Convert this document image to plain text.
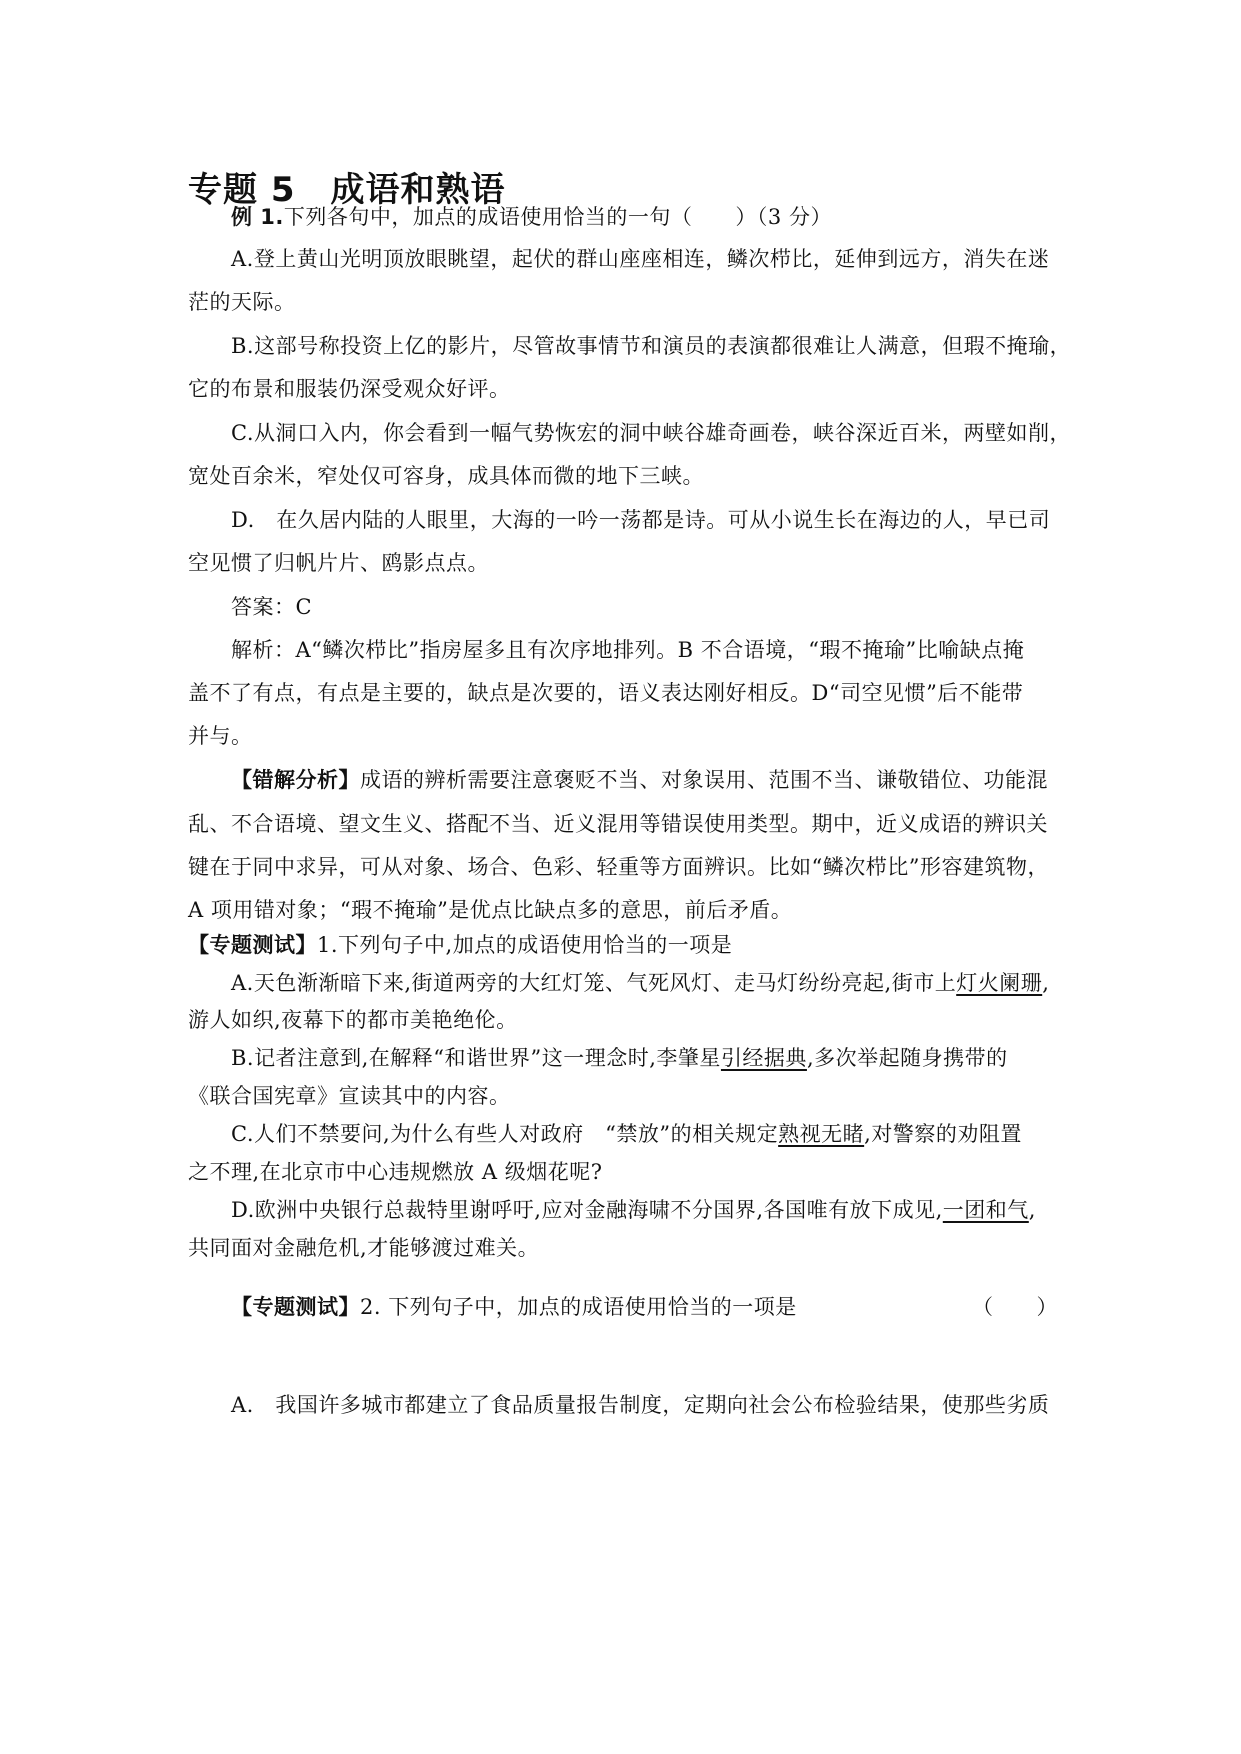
专题 5　成语和熟语
例 1.下列各句中，加点的成语使用恰当的一句（　　）（3 分）
A.登上黄山光明顶放眼眺望，起伏的群山座座相连，鳞次栉比，延伸到远方，消失在迷
茫的天际。
B.这部号称投资上亿的影片，尽管故事情节和演员的表演都很难让人满意，但瑕不掩瑜，
它的布景和服装仍深受观众好评。
C.从洞口入内，你会看到一幅气势恢宏的洞中峡谷雄奇画卷，峡谷深近百米，两壁如削，
宽处百余米，窄处仅可容身，成具体而微的地下三峡。
D.　在久居内陆的人眼里，大海的一吟一荡都是诗。可从小说生长在海边的人，早已司
空见惯了归帆片片、鸥影点点。
答案：C
解析：A“鳞次栉比”指房屋多且有次序地排列。B 不合语境，“瑕不掩瑜”比喻缺点掩
盖不了有点，有点是主要的，缺点是次要的，语义表达刚好相反。D“司空见惯”后不能带
并与。
【错解分析】成语的辨析需要注意褒贬不当、对象误用、范围不当、谦敬错位、功能混
乱、不合语境、望文生义、搭配不当、近义混用等错误使用类型。期中，近义成语的辨识关
键在于同中求异，可从对象、场合、色彩、轻重等方面辨识。比如“鳞次栉比”形容建筑物，
A 项用错对象；“瑕不掩瑜”是优点比缺点多的意思，前后矛盾。
【专题测试】1.下列句子中,加点的成语使用恰当的一项是
A.天色渐渐暗下来,街道两旁的大红灯笼、气死风灯、走马灯纷纷亮起,街市上灯火阑珊,
游人如织,夜幕下的都市美艳绝伦。
B.记者注意到,在解释“和谐世界”这一理念时,李肇星引经据典,多次举起随身携带的
《联合国宪章》宣读其中的内容。
C.人们不禁要问,为什么有些人对政府　“禁放”的相关规定熟视无睹,对警察的劝阻置
之不理,在北京市中心违规燃放 A 级烟花呢?
D.欧洲中央银行总裁特里谢呼吁,应对金融海啸不分国界,各国唯有放下成见,一团和气,
共同面对金融危机,才能够渡过难关。
【专题测试】2. 下列句子中，加点的成语使用恰当的一项是	（　　）
A.　我国许多城市都建立了食品质量报告制度，定期向社会公布检验结果，使那些劣质
